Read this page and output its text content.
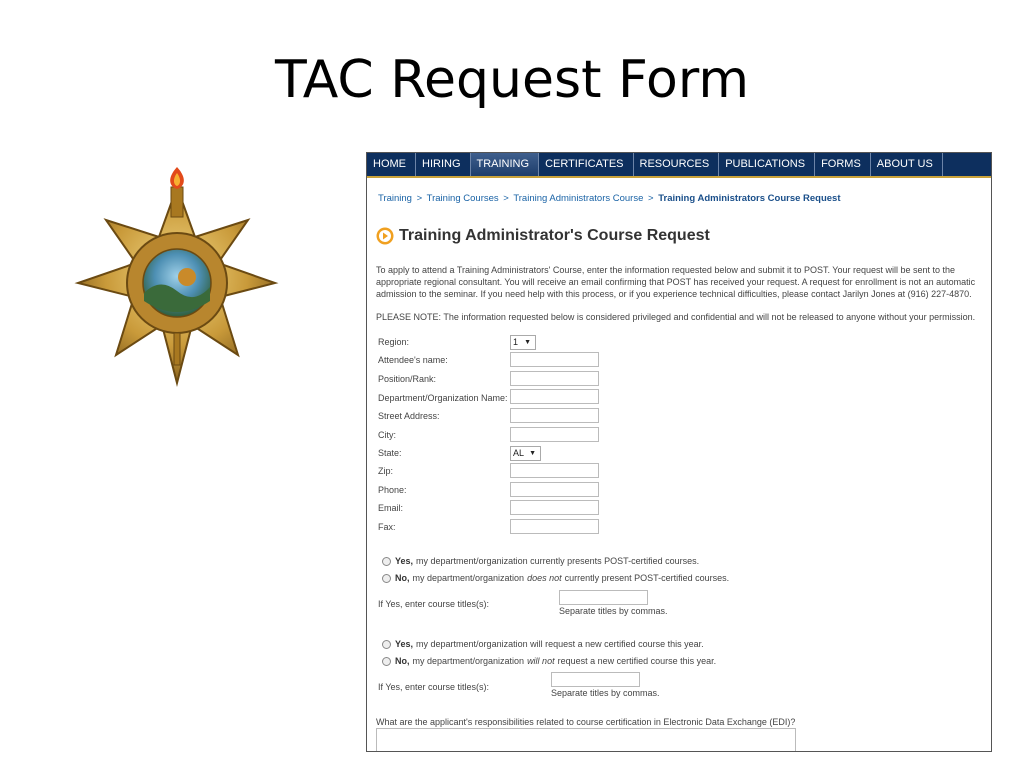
TAC Request Form
HOME	HIRING	TRAINING	CERTIFICATES	RESOURCES	PUBLICATIONS	FORMS	ABOUT US
Training > Training Courses > Training Administrators Course > Training Administrators Course Request
Training Administrator's Course Request

To apply to attend a Training Administrators' Course, enter the information requested below and submit it to POST. Your request will be sent to the appropriate regional consultant. You will receive an email confirming that POST has received your request. A request for enrollment is not an automatic admission to the seminar. If you need help with this process, or if you experience technical difficulties, please contact Jarilyn Jones at (916) 227-4870.

PLEASE NOTE: The information requested below is considered privileged and confidential and will not be released to anyone without your permission.

Region:	1 ▼
Attendee's name:
Position/Rank:
Department/Organization Name:
Street Address:
City:
State:	AL ▼
Zip:
Phone:
Email:
Fax:
Yes, my department/organization currently presents POST-certified courses.
No, my department/organization does not currently present POST-certified courses.
If Yes, enter course titles(s):
Separate titles by commas.
Yes, my department/organization will request a new certified course this year.
No, my department/organization will not request a new certified course this year.
If Yes, enter course titles(s):
Separate titles by commas.
What are the applicant's responsibilities related to course certification in Electronic Data Exchange (EDI)?
